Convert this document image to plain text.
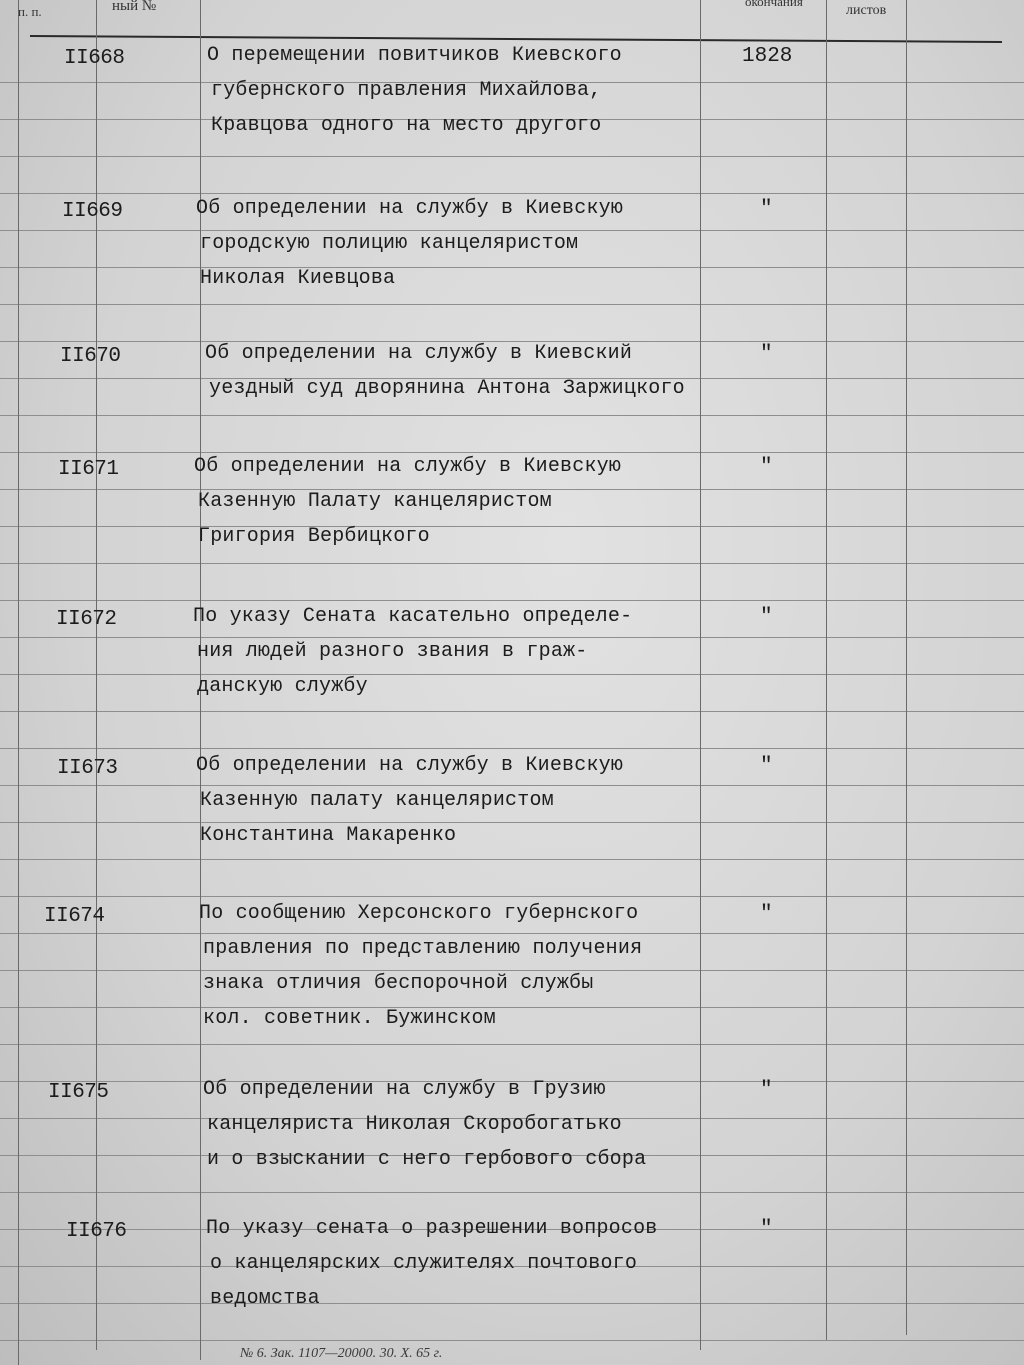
п. п.	ный №	окончания
листов
II668	О перемещении повитчиков Киевского
губернского правления Михайлова,
Кравцова одного на место другого
1828
II669	Об определении на службу в Киевскую
городскую полицию канцеляристом
Николая Киевцова
"
II670	Об определении на службу в Киевский
уездный суд дворянина Антона Заржицкого
"
II671	Об определении на службу в Киевскую
Казенную Палату канцеляристом
Григория Вербицкого
"
II672	По указу Сената касательно определе-
ния людей разного звания в граж-
данскую службу
"
II673	Об определении на службу в Киевскую
Казенную палату канцеляристом
Константина Макаренко
"
II674	По сообщению Херсонского губернского
правления по представлению получения
знака отличия беспорочной службы
кол. советник. Бужинском
"
II675	Об определении на службу в Грузию
канцеляриста Николая Скоробогатько
и о взыскании с него гербового сбора
"
II676	По указу сената о разрешении вопросов
о канцелярских служителях почтового
ведомства
"
№ 6. Зак. 1107—20000. 30. X. 65 г.
